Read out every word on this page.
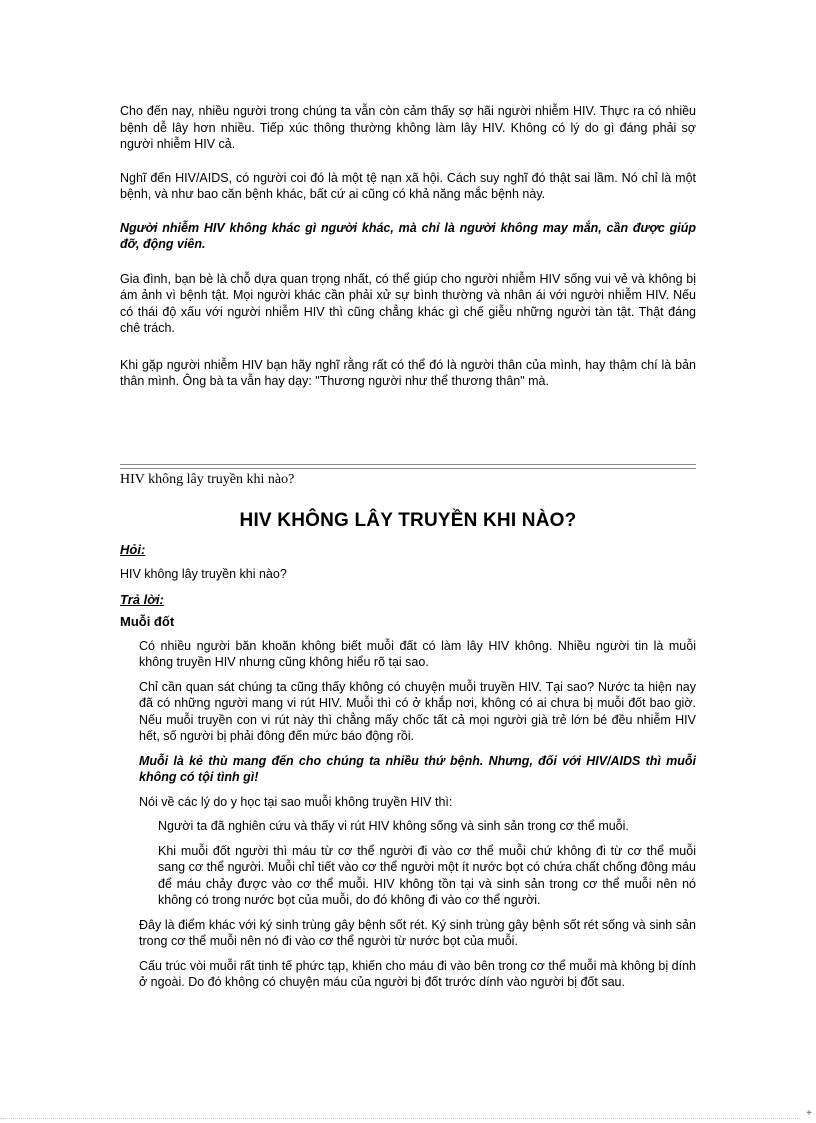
Cho đến nay, nhiều người trong chúng ta vẫn còn cảm thấy sợ hãi người nhiễm HIV. Thực ra có nhiều bệnh dễ lây hơn nhiều. Tiếp xúc thông thường không làm lây HIV. Không có lý do gì đáng phải sợ người nhiễm HIV cả.

Nghĩ đến HIV/AIDS, có người coi đó là một tệ nạn xã hội. Cách suy nghĩ đó thật sai lầm. Nó chỉ là một bệnh, và như bao căn bệnh khác, bất cứ ai cũng có khả năng mắc bệnh này.

Người nhiễm HIV không khác gì người khác, mà chỉ là người không may mắn, cần được giúp đỡ, động viên.

Gia đình, bạn bè là chỗ dựa quan trọng nhất, có thể giúp cho người nhiễm HIV sống vui vẻ và không bị ám ảnh vì bệnh tật. Mọi người khác cần phải xử sự bình thường và nhân ái với người nhiễm HIV. Nếu có thái độ xấu với người nhiễm HIV thì cũng chẳng khác gì chế giễu những người tàn tật. Thật đáng chê trách.

Khi gặp người nhiễm HIV bạn hãy nghĩ rằng rất có thể đó là người thân của mình, hay thậm chí là bản thân mình. Ông bà ta vẫn hay dạy: "Thương người như thể thương thân" mà.

HIV không lây truyền khi nào?
HIV KHÔNG LÂY TRUYỀN KHI NÀO?
Hỏi:

HIV không lây truyền khi nào?

Trả lời:
Muỗi đốt

Có nhiều người băn khoăn không biết muỗi đất có làm lây HIV không. Nhiều người tin là muỗi không truyền HIV nhưng cũng không hiểu rõ tại sao.

Chỉ cần quan sát chúng ta cũng thấy không có chuyện muỗi truyền HIV. Tại sao? Nước ta hiện nay đã có những người mang vi rút HIV. Muỗi thì có ở khắp nơi, không có ai chưa bị muỗi đốt bao giờ. Nếu muỗi truyền con vi rút này thì chẳng mấy chốc tất cả mọi người già trẻ lớn bé đều nhiễm HIV hết, số người bị phải đông đến mức báo động rồi.

Muỗi là kẻ thù mang đến cho chúng ta nhiều thứ bệnh. Nhưng, đối với HIV/AIDS thì muỗi không có tội tình gì!

Nói về các lý do y học tại sao muỗi không truyền HIV thì:

Người ta đã nghiên cứu và thấy vi rút HIV không sống và sinh sản trong cơ thể muỗi.

Khi muỗi đốt người thì máu từ cơ thể người đi vào cơ thể muỗi chứ không đi từ cơ thể muỗi sang cơ thể người. Muỗi chỉ tiết vào cơ thể người một ít nước bọt có chứa chất chống đông máu để máu chảy được vào cơ thể muỗi. HIV không tồn tại và sinh sản trong cơ thể muỗi nên nó không có trong nước bọt của muỗi, do đó không đi vào cơ thể người.

Đây là điểm khác với ký sinh trùng gây bệnh sốt rét. Ký sinh trùng gây bệnh sốt rét sống và sinh sản trong cơ thể muỗi nên nó đi vào cơ thể người từ nước bọt của muỗi.

Cấu trúc vòi muỗi rất tinh tế phức tạp, khiến cho máu đi vào bên trong cơ thể muỗi mà không bị dính ở ngoài. Do đó không có chuyện máu của người bị đốt trước dính vào người bị đốt sau.

+
